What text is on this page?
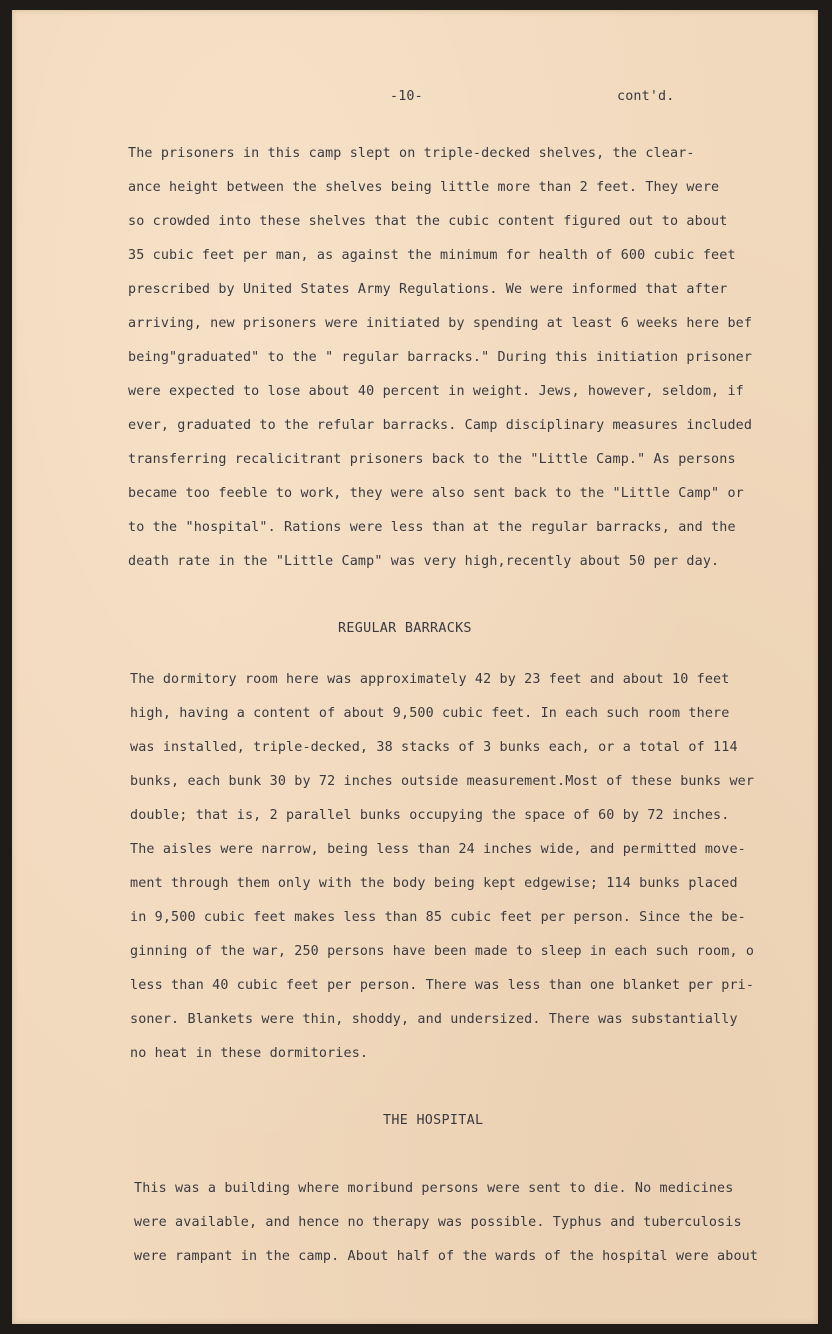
-10-	cont'd.
The prisoners in this camp slept on triple-decked shelves, the clear-
ance height between the shelves being little more than 2 feet. They were
so crowded into these shelves that the cubic content figured out to about
35 cubic feet per man, as against the minimum for health of 600 cubic feet
prescribed by United States Army Regulations. We were informed that after
arriving, new prisoners were initiated by spending at least 6 weeks here bef
being"graduated" to the " regular barracks." During this initiation prisoner
were expected to lose about 40 percent in weight. Jews, however, seldom, if
ever, graduated to the refular barracks. Camp disciplinary measures included
transferring recalicitrant prisoners back to the "Little Camp." As persons
became too feeble to work, they were also sent back to the "Little Camp" or
to the "hospital". Rations were less than at the regular barracks, and the
death rate in the "Little Camp" was very high,recently about 50 per day.
REGULAR BARRACKS
The dormitory room here was approximately 42 by 23 feet and about 10 feet
high, having a content of about 9,500 cubic feet. In each such room there
was installed, triple-decked, 38 stacks of 3 bunks each, or a total of 114
bunks, each bunk 30 by 72 inches outside measurement.Most of these bunks wer
double; that is, 2 parallel bunks occupying the space of 60 by 72 inches.
The aisles were narrow, being less than 24 inches wide, and permitted move-
ment through them only with the body being kept edgewise; 114 bunks placed
in 9,500 cubic feet makes less than 85 cubic feet per person. Since the be-
ginning of the war, 250 persons have been made to sleep in each such room, o
less than 40 cubic feet per person. There was less than one blanket per pri-
soner. Blankets were thin, shoddy, and undersized. There was substantially
no heat in these dormitories.
THE HOSPITAL
This was a building where moribund persons were sent to die. No medicines
were available, and hence no therapy was possible. Typhus and tuberculosis
were rampant in the camp. About half of the wards of the hospital were about
